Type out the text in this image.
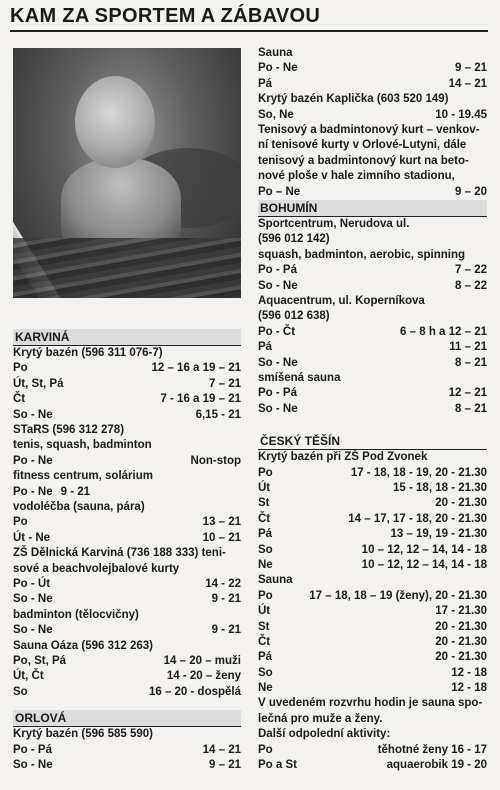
KAM ZA SPORTEM A ZÁBAVOU
KARVINÁ
Krytý bazén (596 311 076-7)
Po	12 – 16 a 19 – 21
Út, St, Pá	7 – 21
Čt	7 - 16 a 19 – 21
So - Ne	6,15 - 21
STaRS (596 312 278)
tenis, squash, badminton
Po - Ne	Non-stop
fitness centrum, solárium
Po - Ne 9 - 21
vodoléčba (sauna, pára)
Po	13 – 21
Út - Ne	10 – 21
ZŠ Dělnická Karviná (736 188 333) teni-
sové a beachvolejbalové kurty
Po - Út	14 - 22
So - Ne	9 - 21
badminton (tělocvičny)
So - Ne	9 - 21
Sauna Oáza (596 312 263)
Po, St, Pá	14 – 20 – muži
Út, Čt	14 - 20 – ženy
So	16 – 20 - dospělá
ORLOVÁ
Krytý bazén (596 585 590)
Po - Pá	14 – 21
So - Ne	9 – 21
Sauna
Po - Ne	9 – 21
Pá	14 – 21
Krytý bazén Kaplička (603 520 149)
So, Ne	10 - 19.45
Tenisový a badmintonový kurt – venkov-
ní tenisové kurty v Orlové-Lutyni, dále
tenisový a badmintonový kurt na beto-
nové ploše v hale zimního stadionu,
Po – Ne	9 – 20
BOHUMÍN
Sportcentrum, Nerudova ul.
(596 012 142)
squash, badminton, aerobic, spinning
Po - Pá	7 – 22
So - Ne	8 – 22
Aquacentrum, ul. Koperníkova
(596 012 638)
Po - Čt	6 – 8 h a 12 – 21
Pá	11 – 21
So - Ne	8 – 21
smíšená sauna
Po - Pá	12 – 21
So - Ne	8 – 21
ČESKÝ TĚŠÍN
Krytý bazén při ZŠ Pod Zvonek
Po	17 - 18, 18 - 19, 20 - 21.30
Út	15 - 18, 18 - 21.30
St	20 - 21.30
Čt	14 – 17, 17 - 18, 20 - 21.30
Pá	13 – 19, 19 - 21.30
So	10 – 12, 12 – 14, 14 - 18
Ne	10 – 12, 12 – 14, 14 - 18
Sauna
Po	17 – 18, 18 – 19 (ženy), 20 - 21.30
Út	17 - 21.30
St	20 - 21.30
Čt	20 - 21.30
Pá	20 - 21.30
So	12 - 18
Ne	12 - 18
V uvedeném rozvrhu hodin je sauna spo-
lečná pro muže a ženy.
Další odpolední aktivity:
Po	těhotné ženy 16 - 17
Po a St	aquaerobik 19 - 20
